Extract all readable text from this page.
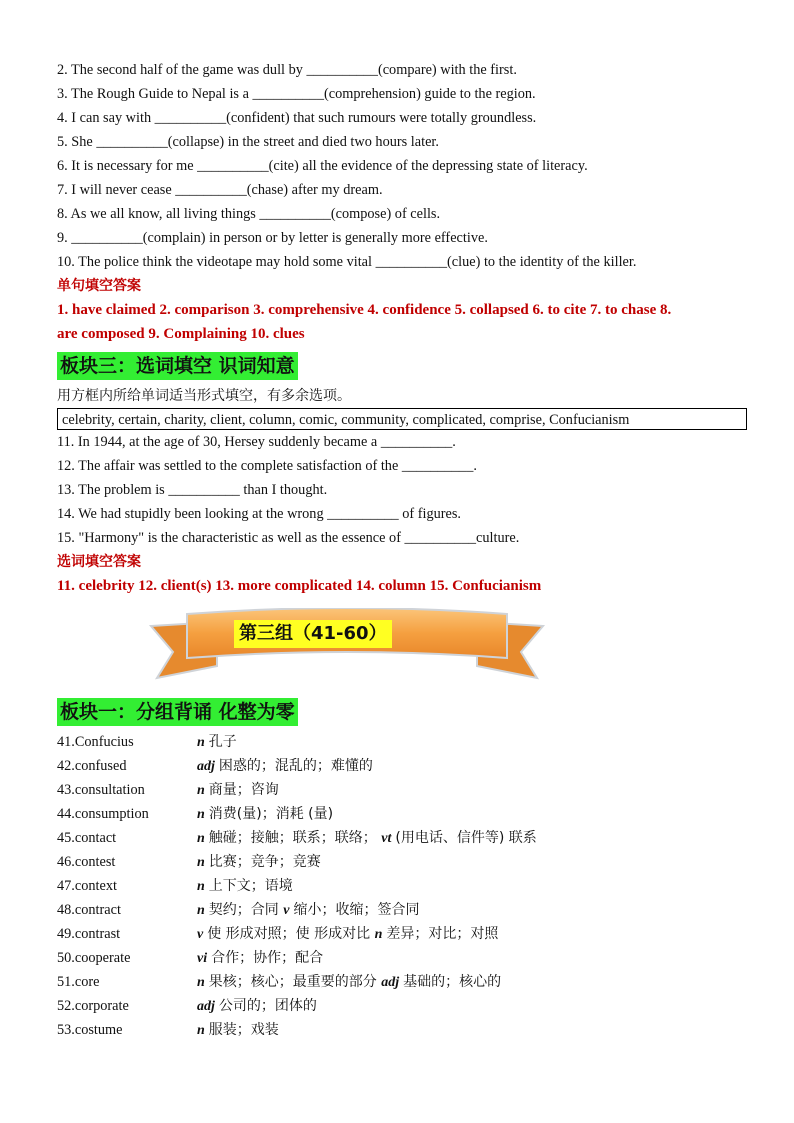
2. The second half of the game was dull by __________(compare) with the first.
3. The Rough Guide to Nepal is a __________(comprehension) guide to the region.
4. I can say with __________(confident) that such rumours were totally groundless.
5. She __________(collapse) in the street and died two hours later.
6. It is necessary for me __________(cite) all the evidence of the depressing state of literacy.
7. I will never cease __________(chase) after my dream.
8. As we all know, all living things __________(compose) of cells.
9. __________(complain) in person or by letter is generally more effective.
10. The police think the videotape may hold some vital __________(clue) to the identity of the killer.
单句填空答案
1. have claimed 2. comparison 3. comprehensive 4. confidence 5. collapsed 6. to cite 7. to chase 8.
are composed 9. Complaining 10. clues
板块三：选词填空 识词知意
用方框内所给单词适当形式填空，有多余选项。
celebrity, certain, charity, client, column, comic, community, complicated, comprise, Confucianism
11. In 1944, at the age of 30, Hersey suddenly became a __________.
12. The affair was settled to the complete satisfaction of the __________.
13. The problem is __________ than I thought.
14. We had stupidly been looking at the wrong __________ of figures.
15. "Harmony" is the characteristic as well as the essence of __________culture.
选词填空答案
11. celebrity 12. client(s) 13. more complicated 14. column 15. Confucianism
第三组（41-60）
板块一：分组背诵 化整为零
41.Confucius	n 孔子
42.confused	adj 困惑的；混乱的；难懂的
43.consultation	n 商量；咨询
44.consumption	n 消费(量)；消耗 (量)
45.contact	n 触碰；接触；联系；联络； vt (用电话、信件等) 联系
46.contest	n 比赛；竞争；竞赛
47.context	n 上下文；语境
48.contract	n 契约；合同 v 缩小；收缩；签合同
49.contrast	v 使 形成对照；使 形成对比 n 差异；对比；对照
50.cooperate	vi 合作；协作；配合
51.core	n 果核；核心；最重要的部分 adj 基础的；核心的
52.corporate	adj 公司的；团体的
53.costume	n 服装；戏装
